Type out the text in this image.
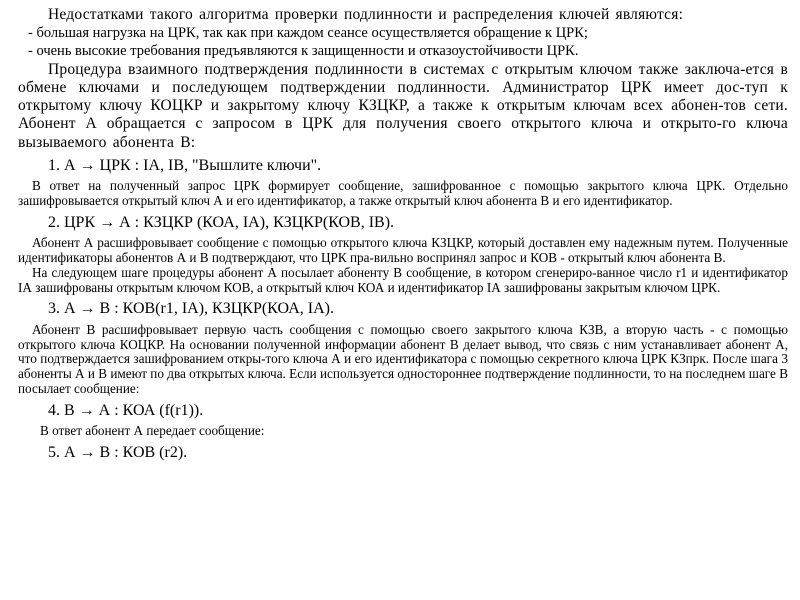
Недостатками такого алгоритма проверки подлинности и распределения ключей являются:

- большая нагрузка на ЦРК, так как при каждом сеансе осуществляется обращение к ЦРК;

- очень высокие требования предъявляются к защищенности и отказоустойчивости ЦРК.

Процедура взаимного подтверждения подлинности в системах с открытым ключом также заключа-ется в обмене ключами и последующем подтверждении подлинности. Администратор ЦРК имеет дос-туп к открытому ключу КОЦКР и закрытому ключу КЗЦКР, а также к открытым ключам всех абонен-тов сети. Абонент А обращается с запросом в ЦРК для получения своего открытого ключа и открыто-го ключа вызываемого абонента В:

1. А → ЦРК : IА, IВ, "Вышлите ключи".

В ответ на полученный запрос ЦРК формирует сообщение, зашифрованное с помощью закрытого ключа ЦРК. Отдельно зашифровывается открытый ключ А и его идентификатор, а также открытый ключ абонента В и его идентификатор.

2. ЦРК → А : КЗЦКР (КОА, IА), КЗЦКР(КОВ, IВ).

Абонент А расшифровывает сообщение с помощью открытого ключа КЗЦКР, который доставлен ему надежным путем. Полученные идентификаторы абонентов А и В подтверждают, что ЦРК пра-вильно воспринял запрос и КОВ - открытый ключ абонента В.

На следующем шаге процедуры абонент А посылает абоненту В сообщение, в котором сгенериро-ванное число r1 и идентификатор IА зашифрованы открытым ключом КОВ, а открытый ключ КОА и идентификатор IА зашифрованы закрытым ключом ЦРК.

3. А → В : КОВ(r1, IА), КЗЦКР(КОА, IА).

Абонент В расшифровывает первую часть сообщения с помощью своего закрытого ключа КЗВ, а вторую часть - с помощью открытого ключа КОЦКР. На основании полученной информации абонент В делает вывод, что связь с ним устанавливает абонент А, что подтверждается зашифрованием откры-того ключа А и его идентификатора с помощью секретного ключа ЦРК КЗпрк. После шага 3 абоненты А и В имеют по два открытых ключа. Если используется одностороннее подтверждение подлинности, то на последнем шаге В посылает сообщение:

4. В → А : КОА (f(r1)).

В ответ абонент А передает сообщение:

5. А → В : КОВ (r2).
